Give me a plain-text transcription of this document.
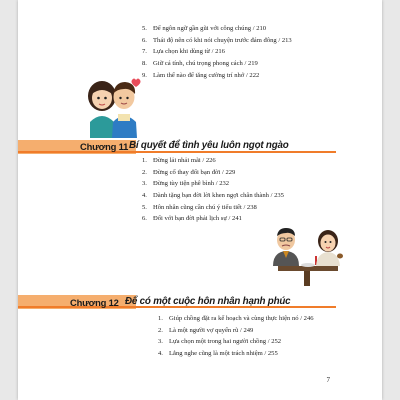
5. Để ngôn ngữ gần gũi với công chúng / 210
6. Thái độ nên có khi nói chuyện trước đám đông / 213
7. Lựa chọn khi dùng từ / 216
8. Giữ cá tính, chú trọng phong cách / 219
9. Làm thế nào để tăng cường trí nhớ / 222
Chương 11 Bí quyết để tình yêu luôn ngọt ngào
1. Đừng lải nhải mãi / 226
2. Đừng cố thay đổi bạn đời / 229
3. Đừng tùy tiện phê bình / 232
4. Dành tặng bạn đời lời khen ngợi chân thành / 235
5. Hôn nhân cũng cần chú ý tiểu tiết / 238
6. Đối với bạn đời phải lịch sự / 241
Chương 12 Để có một cuộc hôn nhân hạnh phúc
1. Giúp chồng đặt ra kế hoạch và cùng thực hiện nó / 246
2. Là một người vợ quyến rũ / 249
3. Lựa chọn một trong hai người chồng / 252
4. Lắng nghe cũng là một trách nhiệm / 255
7
